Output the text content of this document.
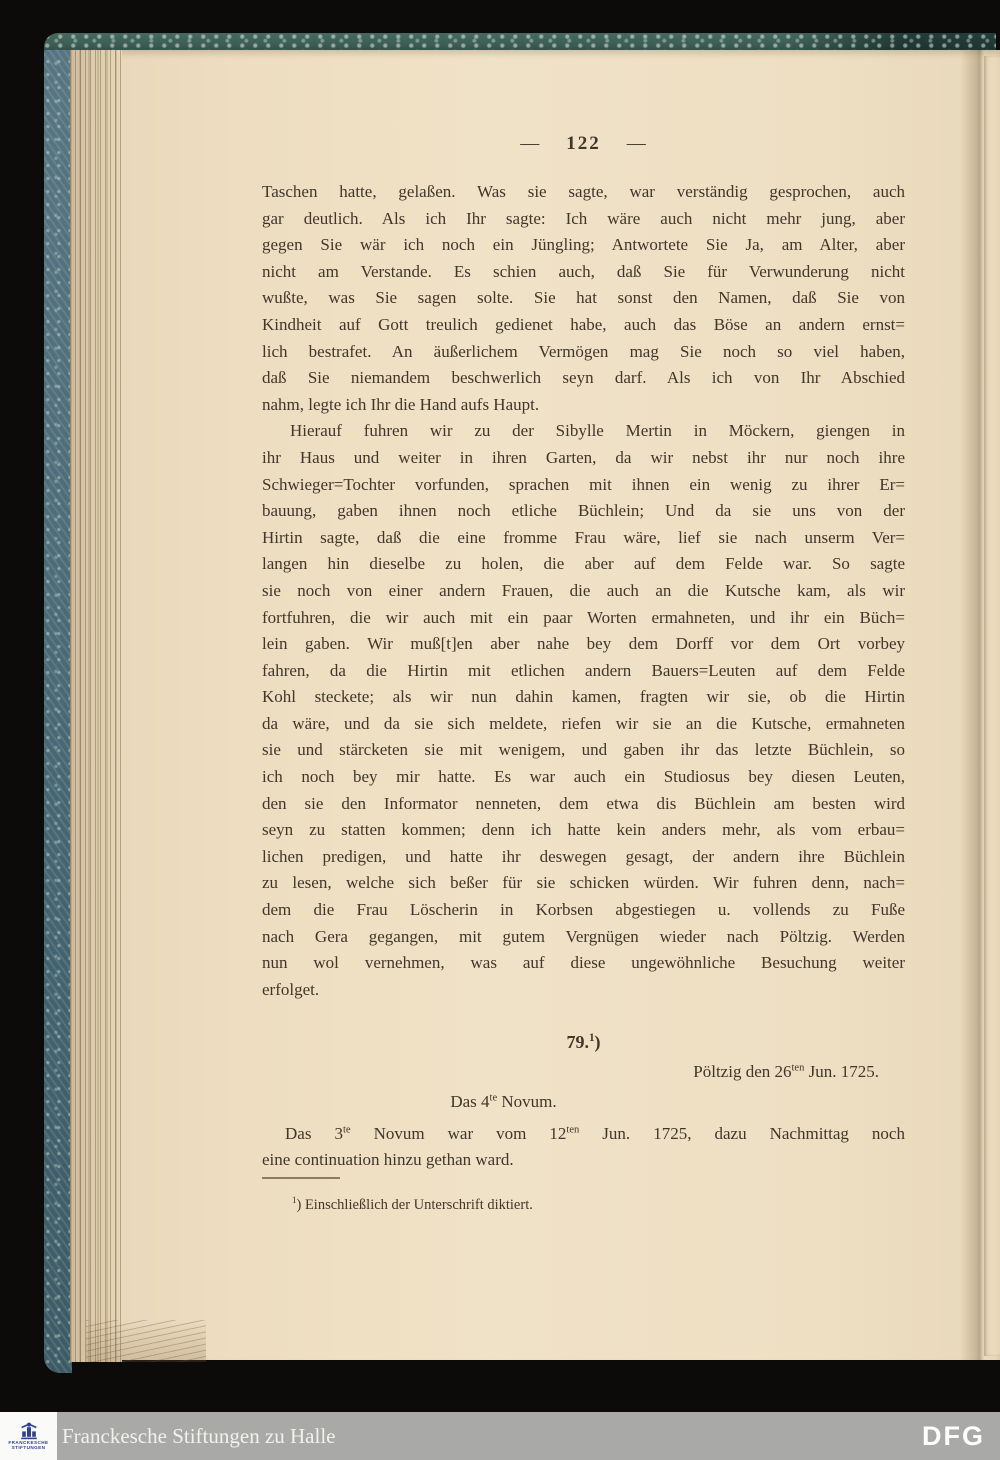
— 122 —
Taschen hatte, gelaßen. Was sie sagte, war verständig gesprochen, auch
gar deutlich. Als ich Ihr sagte: Ich wäre auch nicht mehr jung, aber
gegen Sie wär ich noch ein Jüngling; Antwortete Sie Ja, am Alter, aber
nicht am Verstande. Es schien auch, daß Sie für Verwunderung nicht
wußte, was Sie sagen solte. Sie hat sonst den Namen, daß Sie von
Kindheit auf Gott treulich gedienet habe, auch das Böse an andern ernst=
lich bestrafet. An äußerlichem Vermögen mag Sie noch so viel haben,
daß Sie niemandem beschwerlich seyn darf. Als ich von Ihr Abschied
nahm, legte ich Ihr die Hand aufs Haupt.
Hierauf fuhren wir zu der Sibylle Mertin in Möckern, giengen in
ihr Haus und weiter in ihren Garten, da wir nebst ihr nur noch ihre
Schwieger=Tochter vorfunden, sprachen mit ihnen ein wenig zu ihrer Er=
bauung, gaben ihnen noch etliche Büchlein; Und da sie uns von der
Hirtin sagte, daß die eine fromme Frau wäre, lief sie nach unserm Ver=
langen hin dieselbe zu holen, die aber auf dem Felde war. So sagte
sie noch von einer andern Frauen, die auch an die Kutsche kam, als wir
fortfuhren, die wir auch mit ein paar Worten ermahneten, und ihr ein Büch=
lein gaben. Wir muß[t]en aber nahe bey dem Dorff vor dem Ort vorbey
fahren, da die Hirtin mit etlichen andern Bauers=Leuten auf dem Felde
Kohl steckete; als wir nun dahin kamen, fragten wir sie, ob die Hirtin
da wäre, und da sie sich meldete, riefen wir sie an die Kutsche, ermahneten
sie und stärcketen sie mit wenigem, und gaben ihr das letzte Büchlein, so
ich noch bey mir hatte. Es war auch ein Studiosus bey diesen Leuten,
den sie den Informator nenneten, dem etwa dis Büchlein am besten wird
seyn zu statten kommen; denn ich hatte kein anders mehr, als vom erbau=
lichen predigen, und hatte ihr deswegen gesagt, der andern ihre Büchlein
zu lesen, welche sich beßer für sie schicken würden. Wir fuhren denn, nach=
dem die Frau Löscherin in Korbsen abgestiegen u. vollends zu Fuße
nach Gera gegangen, mit gutem Vergnügen wieder nach Pöltzig. Werden
nun wol vernehmen, was auf diese ungewöhnliche Besuchung weiter
erfolget.
79.$^1$)
Pöltzig den $26^{ten}$ Jun. 1725.
Das $4^{te}$ Novum.
Das $3^{te}$ Novum war vom $12^{ten}$ Jun. 1725, dazu Nachmittag noch
eine continuation hinzu gethan ward.
$^1$) Einschließlich der Unterschrift diktiert.
FRANCKESCHE
STIFTUNGEN Franckesche Stiftungen zu Halle	DFG
